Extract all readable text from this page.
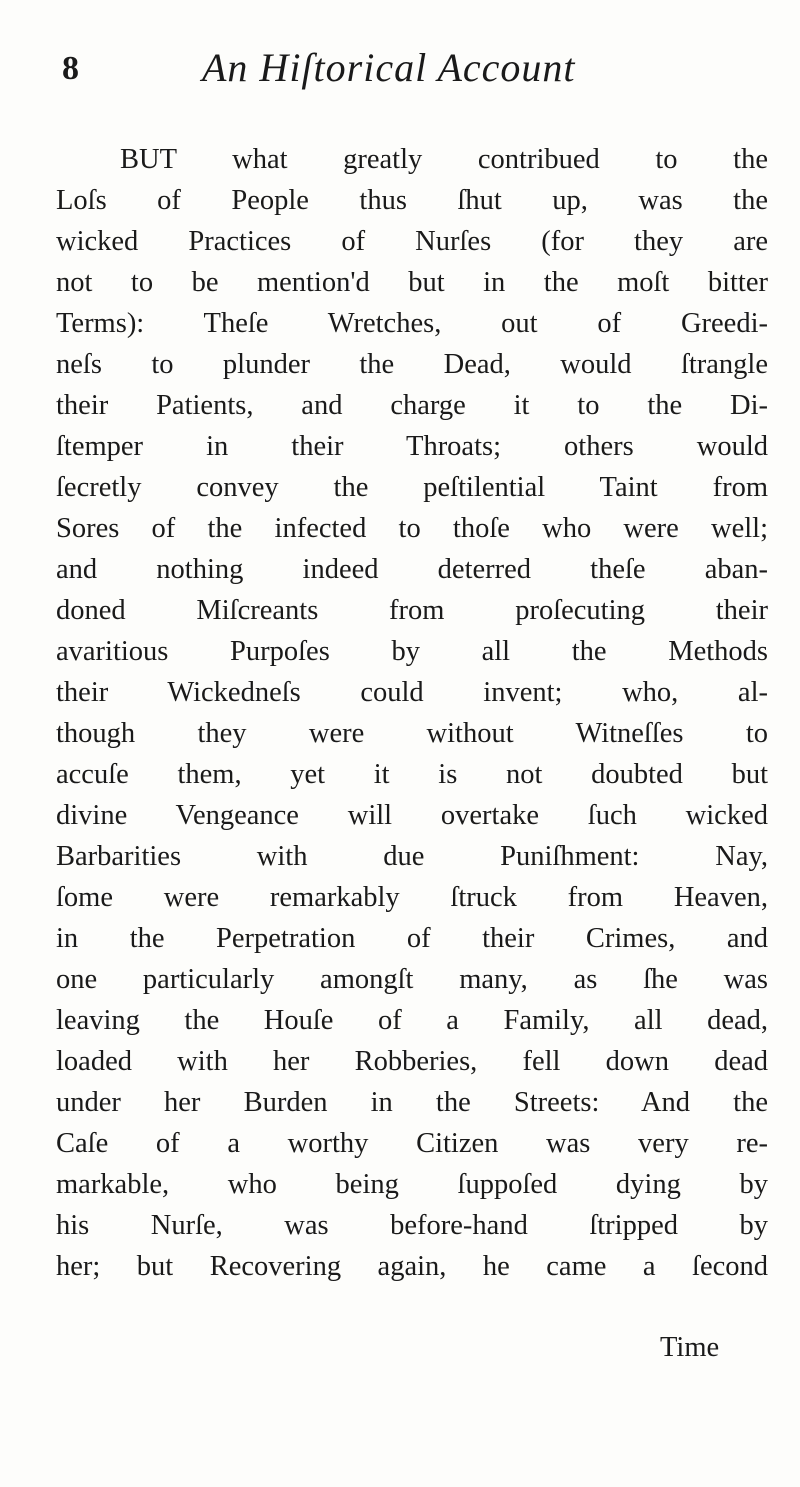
8	An Hiſtorical Account
BUT what greatly contribued to the
Loſs of People thus ſhut up, was the
wicked Practices of Nurſes (for they are
not to be mention'd but in the moſt bitter
Terms): Theſe Wretches, out of Greedi-
neſs to plunder the Dead, would ſtrangle
their Patients, and charge it to the Di-
ſtemper in their Throats; others would
ſecretly convey the peſtilential Taint from
Sores of the infected to thoſe who were well;
and nothing indeed deterred theſe aban-
doned Miſcreants from proſecuting their
avaritious Purpoſes by all the Methods
their Wickedneſs could invent; who, al-
though they were without Witneſſes to
accuſe them, yet it is not doubted but
divine Vengeance will overtake ſuch wicked
Barbarities with due Puniſhment: Nay,
ſome were remarkably ſtruck from Heaven,
in the Perpetration of their Crimes, and
one particularly amongſt many, as ſhe was
leaving the Houſe of a Family, all dead,
loaded with her Robberies, fell down dead
under her Burden in the Streets: And the
Caſe of a worthy Citizen was very re-
markable, who being ſuppoſed dying by
his Nurſe, was before-hand ſtripped by
her; but Recovering again, he came a ſecond
Time
